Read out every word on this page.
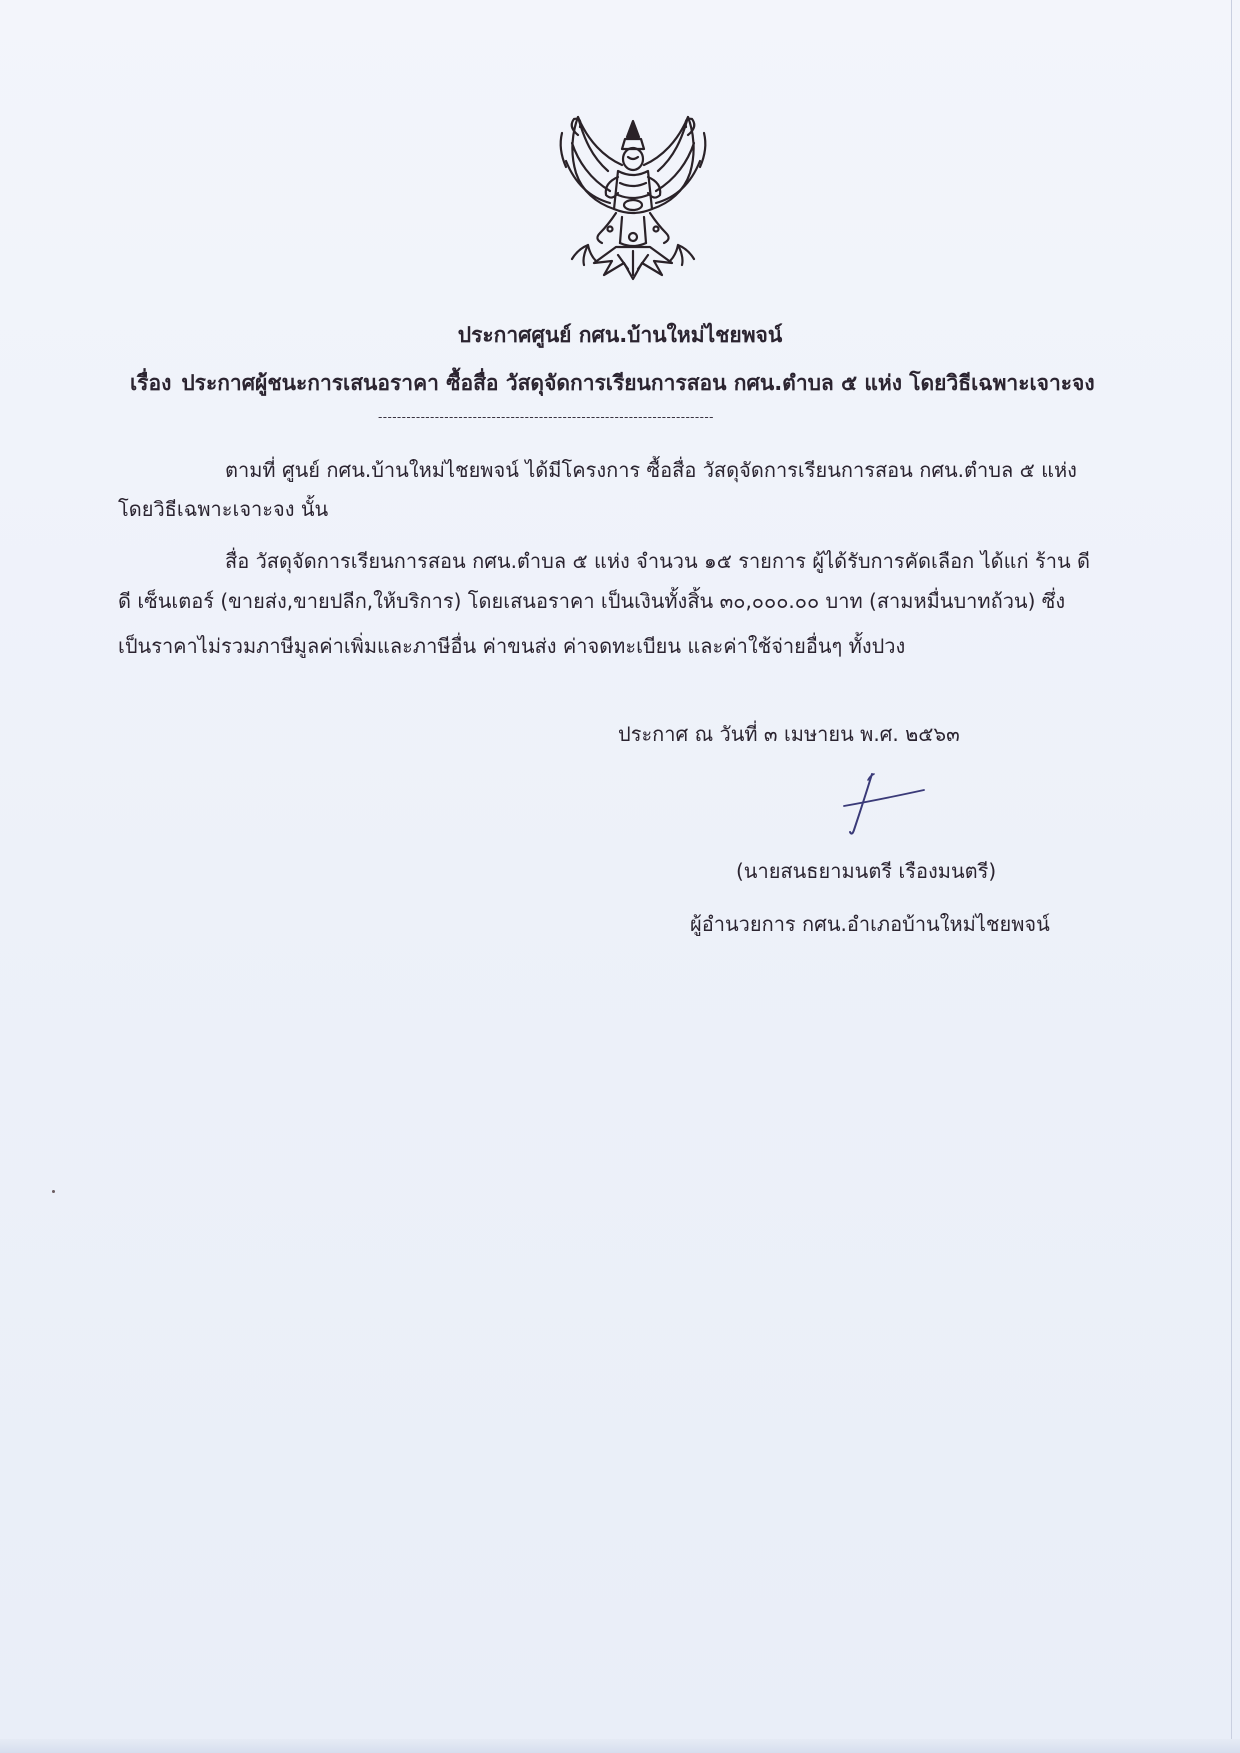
ประกาศศูนย์ กศน.บ้านใหม่ไชยพจน์
เรื่อง ประกาศผู้ชนะการเสนอราคา ซื้อสื่อ วัสดุจัดการเรียนการสอน กศน.ตำบล ๕ แห่ง โดยวิธีเฉพาะเจาะจง
-----------------------------------------------------------------------
ตามที่ ศูนย์ กศน.บ้านใหม่ไชยพจน์ ได้มีโครงการ ซื้อสื่อ วัสดุจัดการเรียนการสอน กศน.ตำบล ๕ แห่ง
โดยวิธีเฉพาะเจาะจง นั้น
สื่อ วัสดุจัดการเรียนการสอน กศน.ตำบล ๕ แห่ง จำนวน ๑๕ รายการ ผู้ได้รับการคัดเลือก ได้แก่ ร้าน ดี
ดี เซ็นเตอร์ (ขายส่ง,ขายปลีก,ให้บริการ) โดยเสนอราคา เป็นเงินทั้งสิ้น ๓๐,๐๐๐.๐๐ บาท (สามหมื่นบาทถ้วน) ซึ่ง
เป็นราคาไม่รวมภาษีมูลค่าเพิ่มและภาษีอื่น ค่าขนส่ง ค่าจดทะเบียน และค่าใช้จ่ายอื่นๆ ทั้งปวง
ประกาศ ณ วันที่ ๓ เมษายน พ.ศ. ๒๕๖๓
(นายสนธยามนตรี เรืองมนตรี)
ผู้อำนวยการ กศน.อำเภอบ้านใหม่ไชยพจน์
